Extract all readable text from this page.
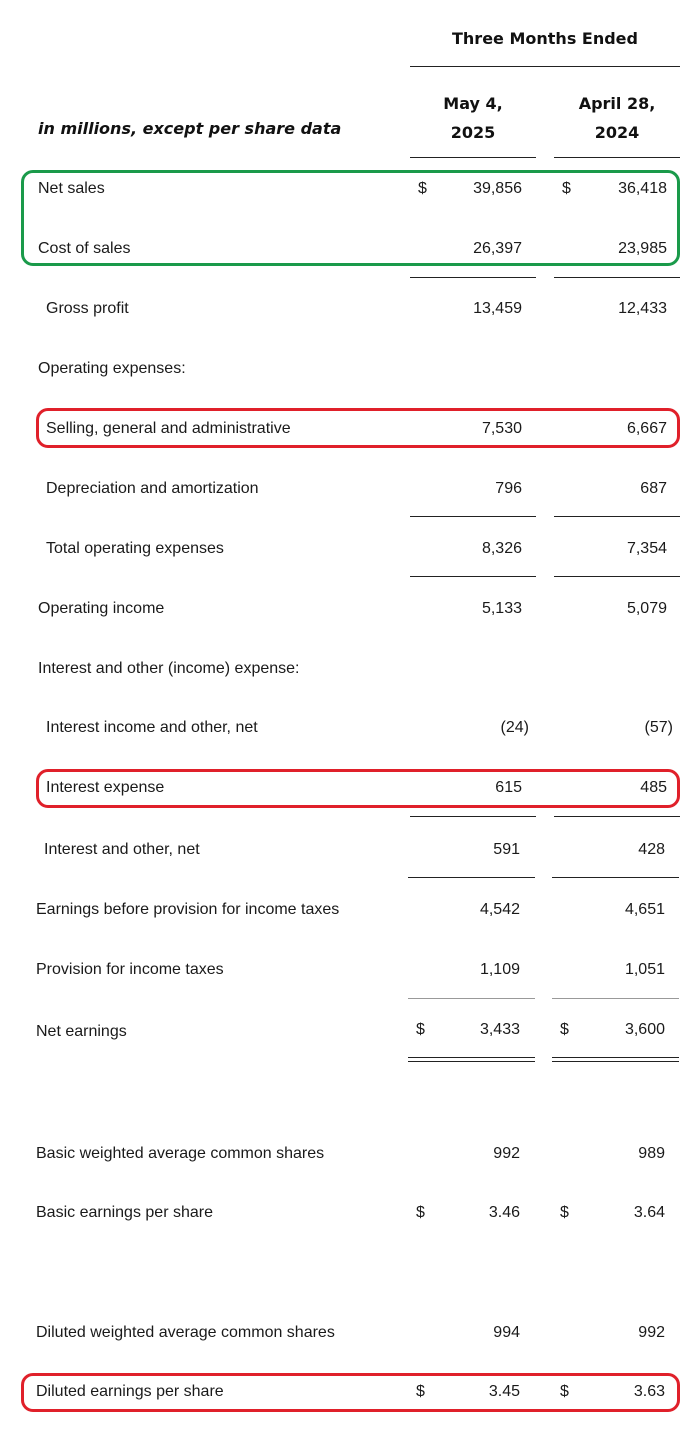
Three Months Ended
May 4,
2025
April 28,
2024
in millions, except per share data
Net sales	$	39,856	$	36,418
Cost of sales	26,397	23,985
Gross profit	13,459	12,433
Operating expenses:
Selling, general and administrative	7,530	6,667
Depreciation and amortization	796	687
Total operating expenses	8,326	7,354
Operating income	5,133	5,079
Interest and other (income) expense:
Interest income and other, net	(24)	(57)
Interest expense	615	485
Interest and other, net	591	428
Earnings before provision for income taxes	4,542	4,651
Provision for income taxes	1,109	1,051
Net earnings	$	3,433	$	3,600
Basic weighted average common shares	992	989
Basic earnings per share	$	3.46	$	3.64
Diluted weighted average common shares	994	992
Diluted earnings per share	$	3.45	$	3.63
